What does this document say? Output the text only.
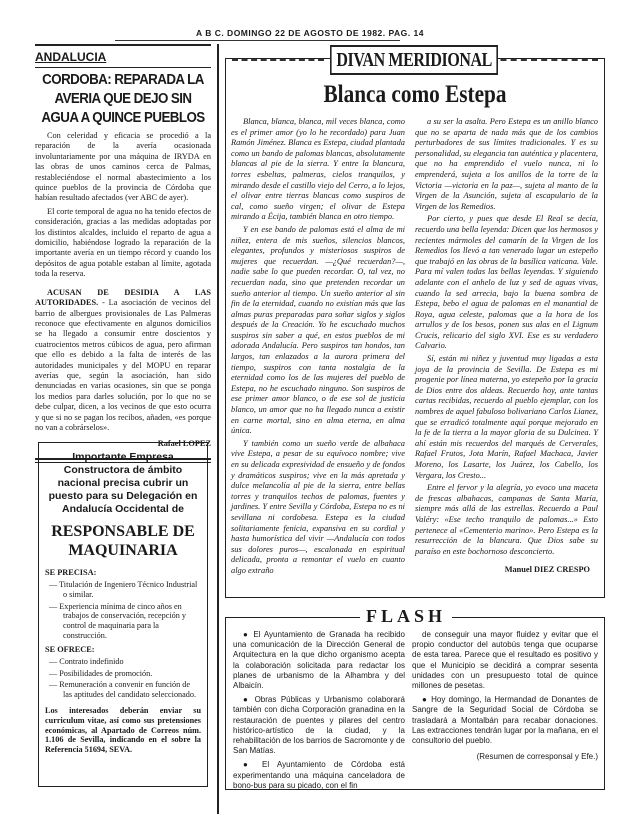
A B C. DOMINGO 22 DE AGOSTO DE 1982. PAG. 14
ANDALUCIA
CORDOBA: REPARADA LA AVERIA QUE DEJO SIN AGUA A QUINCE PUEBLOS

Con celeridad y eficacia se procedió a la reparación de la avería ocasionada involuntariamente por una máquina de IRYDA en las obras de unos caminos cerca de Palmas, restableciéndose el normal abastecimiento a los quince pueblos de la provincia de Córdoba que habían resultado afectados (ver ABC de ayer).

El corte temporal de agua no ha tenido efectos de consideración, gracias a las medidas adoptadas por los distintos alcaldes, incluido el reparto de agua a domicilio, habiéndose logrado la reparación de la importante avería en un tiempo récord y cuando los depósitos de agua potable estaban al límite, agotada toda la reserva.

ACUSAN DE DESIDIA A LAS AUTORIDADES. - La asociación de vecinos del barrio de albergues provisionales de Las Palmeras reconoce que efectivamente en algunos domicilios se ha llegado a consumir entre doscientos y cuatrocientos metros cúbicos de agua, pero afirman que ello es debido a la falta de interés de las autoridades municipales y del MOPU en reparar averías que, según la asociación, han sido denunciadas en varias ocasiones, sin que se ponga los medios para darles solución, por lo que no se debe culpar, dicen, a los vecinos de que esto ocurra y que si no se pagan los recibos, añaden, «es porque no van a cobrárselos».

Rafael LOPEZ
Importante Empresa Constructora de ámbito nacional precisa cubrir un puesto para su Delegación en Andalucía Occidental de
RESPONSABLE DE MAQUINARIA
SE PRECISA:
— Titulación de Ingeniero Técnico Industrial o similar.
— Experiencia mínima de cinco años en trabajos de conservación, recepción y control de maquinaria para la construcción.
SE OFRECE:
— Contrato indefinido
— Posibilidades de promoción.
— Remuneración a convenir en función de las aptitudes del candidato seleccionado.
Los interesados deberán enviar su curriculum vitae, así como sus pretensiones económicas, al Apartado de Correos núm. 1.106 de Sevilla, indicando en el sobre la Referencia 51694, SEVA.
DIVAN MERIDIONAL
Blanca como Estepa

Blanca, blanca, blanca, mil veces blanca, como es el primer amor (yo lo he recordado) para Juan Ramón Jiménez. Blanca es Estepa, ciudad plantada como un bando de palomas blancas, absolutamente blancas al pie de la sierra. Y entre la blancura, torres esbeltas, palmeras, cielos tranquilos, y mirando desde el castillo viejo del Cerro, a lo lejos, el olivar entre tierras blancas como suspiros de cal, como sueño virgen; el olivar de Estepa mirando a Écija, también blanca en otro tiempo.

Y en ese bando de palomas está el alma de mi niñez, entera de mis sueños, silencios blancos, elegantes, profundos y misteriosos suspiros de mujeres que recuerdan. —¿Qué recuerdan?—, nadie sabe lo que pueden recordar. O, tal vez, no recuerdan nada, sino que pretenden recordar un sueño anterior al tiempo. Un sueño anterior al sin fin de la eternidad, cuando no existían más que las almas puras preparadas para soñar siglos y siglos después de la Creación. Yo he escuchado muchos suspiros sin saber a qué, en estos pueblos de mi adorada Andalucía. Pero suspiros tan hondos, tan largos, tan enlazados a la aurora primera del tiempo, suspiros con tanta nostalgia de la eternidad como los de las mujeres del pueblo de Estepa, no he escuchado ninguno. Son suspiros de ese primer amor blanco, o de ese sol de justicia blanco, un amor que no ha llegado nunca a existir en carne mortal, sino en alma eterna, en alma única.

Y también como un sueño verde de albahaca vive Estepa, a pesar de su equívoco nombre; vive en su delicada expresividad de ensueño y de fondos y dramáticos suspiros; vive en la más apretada y dulce melancolía al pie de la sierra, entre bellas torres y tranquilos techos de palomas, fuentes y jardines. Y entre Sevilla y Córdoba, Estepa no es ni sevillana ni cordobesa. Estepa es la ciudad solitariamente fenicia, expansiva en su cordial y hasta humorística del vivir —Andalucía con todos sus dolores puros—, escalonada en espiritual delicada, pronta a remontar el vuelo en cuanto algo extraño

a su ser la asalta. Pero Estepa es un anillo blanco que no se aparta de nada más que de los cambios perturbadores de sus límites tradicionales. Y es su personalidad, su elegancia tan auténtica y placentera, que no ha emprendido el vuelo nunca, ni lo emprenderá, sujeta a los anillos de la torre de la Victoria —victoria en la paz—, sujeta al manto de la Virgen de la Asunción, sujeta al escapulario de la Virgen de los Remedios.

Por cierto, y pues que desde El Real se decía, recuerdo una bella leyenda: Dicen que los hermosos y recientes mármoles del camarín de la Virgen de los Remedios los llevó a tan venerado lugar un estepeño que trabajó en las obras de la basílica vaticana. Vale. Para mí valen todas las bellas leyendas. Y siguiendo adelante con el anhelo de luz y sed de aguas vivas, cuando la sed arrecia, bajo la buena sombra de Estepa, bebo el agua de palomas en el manantial de Roya, agua celeste, palomas que a la hora de los arrullos y de los besos, ponen sus alas en el Lignum Crucis, relicario del siglo XVI. Ese es su verdadero Calvario.

Sí, están mi niñez y juventud muy ligadas a esta joya de la provincia de Sevilla. De Estepa es mi progenie por línea materna, yo estepeño por la gracia de Dios entre dos aldeas. Recuerdo hoy, ante tantas cartas recibidas, recuerdo al pueblo ejemplar, con los nombres de aquel fabuloso bolivariano Carlos Lianez, que se erradicó totalmente aquí porque mejorado en la fe de la tierra a la mayor gloria de su Dulcinea. Y ahí están mis recuerdos del marqués de Cerverales, Rafael Frutos, Jota Marín, Rafael Machaca, Javier Moreno, los Lasarte, los Juárez, los Cabello, los Vergara, los Cresto...

Entre el fervor y la alegría, yo evoco una maceta de frescas albahacas, campanas de Santa María, siempre más allá de las estrellas. Recuerdo a Paul Valéry: «Ese techo tranquilo de palomas...» Esto pertenece al «Cementerio marino». Pero Estepa es la resurrección de la blancura. Que Dios sabe su paraíso en este bochornoso desconcierto.

Manuel DIEZ CRESPO
FLASH

● El Ayuntamiento de Granada ha recibido una comunicación de la Dirección General de Arquitectura en la que dicho organismo acepta la colaboración solicitada para redactar los planes de urbanismo de la Alhambra y del Albaicín.

● Obras Públicas y Urbanismo colaborará también con dicha Corporación granadina en la restauración de puentes y pilares del centro histórico-artístico de la ciudad, y la rehabilitación de los barrios de Sacromonte y de San Matías.

● El Ayuntamiento de Córdoba está experimentando una máquina canceladora de bono-bus para su picado, con el fin

de conseguir una mayor fluidez y evitar que el propio conductor del autobús tenga que ocuparse de esta tarea. Parece que el resultado es positivo y que el Municipio se decidirá a comprar sesenta unidades con un presupuesto total de quince millones de pesetas.

● Hoy domingo, la Hermandad de Donantes de Sangre de la Seguridad Social de Córdoba se trasladará a Montalbán para recabar donaciones. Las extracciones tendrán lugar por la mañana, en el consultorio del pueblo.

(Resumen de corresponsal y Efe.)
